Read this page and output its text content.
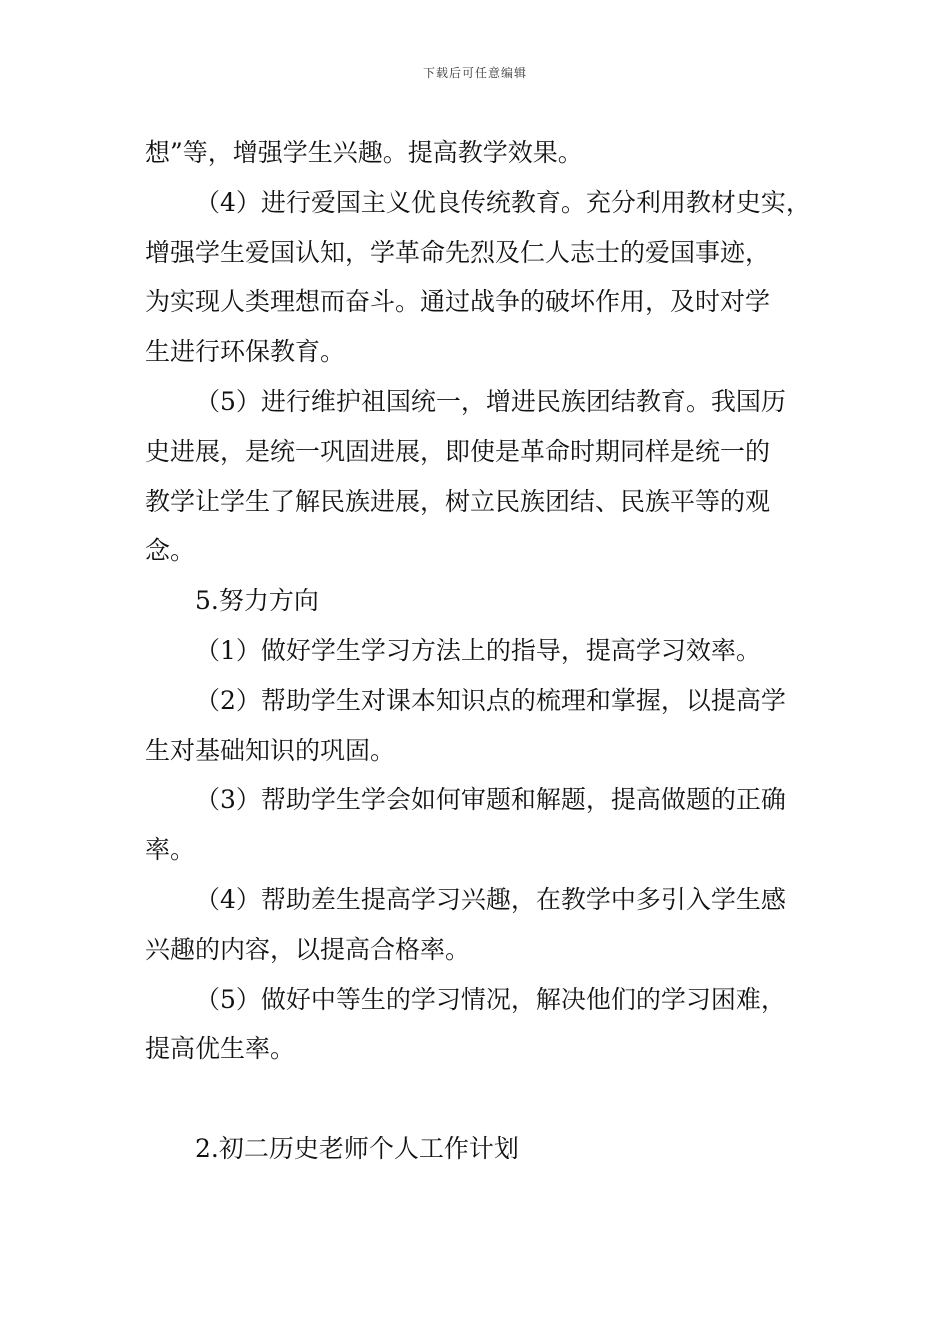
下载后可任意编辑
想”等，增强学生兴趣。提高教学效果。
（4）进行爱国主义优良传统教育。充分利用教材史实，
增强学生爱国认知，学革命先烈及仁人志士的爱国事迹，
为实现人类理想而奋斗。通过战争的破坏作用，及时对学
生进行环保教育。
（5）进行维护祖国统一，增进民族团结教育。我国历
史进展，是统一巩固进展，即使是革命时期同样是统一的
教学让学生了解民族进展，树立民族团结、民族平等的观
念。
5.努力方向
（1）做好学生学习方法上的指导，提高学习效率。
（2）帮助学生对课本知识点的梳理和掌握，以提高学
生对基础知识的巩固。
（3）帮助学生学会如何审题和解题，提高做题的正确
率。
（4）帮助差生提高学习兴趣，在教学中多引入学生感
兴趣的内容，以提高合格率。
（5）做好中等生的学习情况，解决他们的学习困难，
提高优生率。
2.初二历史老师个人工作计划
